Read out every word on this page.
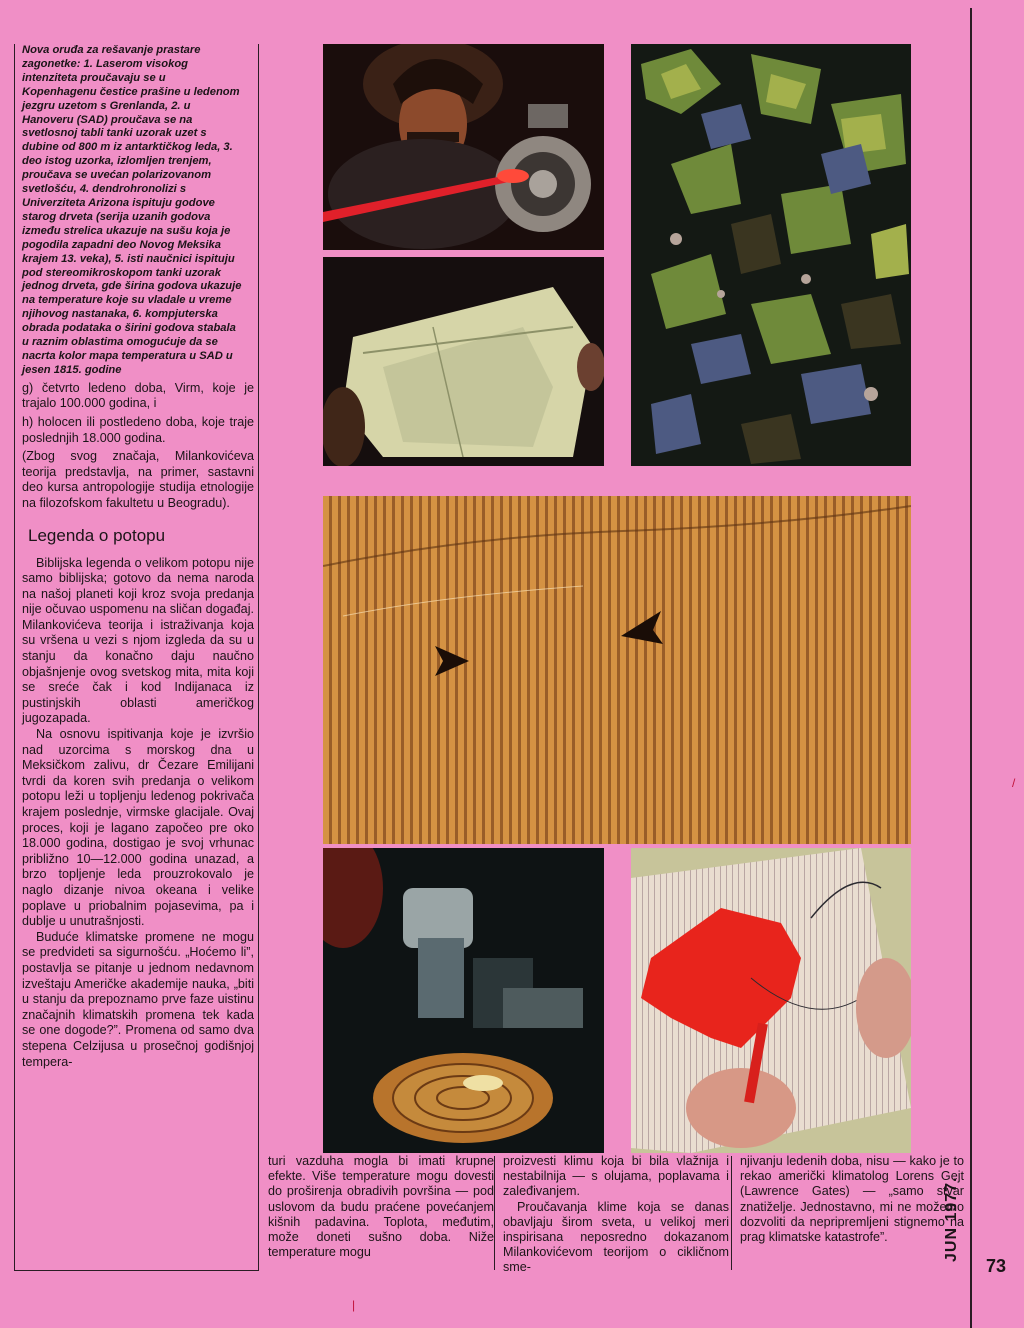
Nova oruđa za rešavanje prastare zagonetke: 1. Laserom visokog intenziteta proučavaju se u Kopenhagenu čestice prašine u ledenom jezgru uzetom s Grenlanda, 2. u Hanoveru (SAD) proučava se na svetlosnoj tabli tanki uzorak uzet s dubine od 800 m iz antarktičkog leda, 3. deo istog uzorka, izlomljen trenjem, proučava se uvećan polarizovanom svetlošću, 4. dendrohronolizi s Univerziteta Arizona ispituju godove starog drveta (serija uzanih godova između strelica ukazuje na sušu koja je pogodila zapadni deo Novog Meksika krajem 13. veka), 5. isti naučnici ispituju pod stereomikroskopom tanki uzorak jednog drveta, gde širina godova ukazuje na temperature koje su vladale u vreme njihovog nastanaka, 6. kompjuterska obrada podataka o širini godova stabala u raznim oblastima omogućuje da se nacrta kolor mapa temperatura u SAD u jesen 1815. godine
g) četvrto ledeno doba, Virm, koje je trajalo 100.000 godina, i
h) holocen ili postledeno doba, koje traje poslednjih 18.000 godina.
(Zbog svog značaja, Milankovićeva teorija predstavlja, na primer, sastavni deo kursa antropologije studija etnologije na filozofskom fakultetu u Beogradu).
Legenda o potopu

Biblijska legenda o velikom potopu nije samo biblijska; gotovo da nema naroda na našoj planeti koji kroz svoja predanja nije očuvao uspomenu na sličan događaj. Milankovićeva teorija i istraživanja koja su vršena u vezi s njom izgleda da su u stanju da konačno daju naučno objašnjenje ovog svetskog mita, mita koji se sreće čak i kod Indijanaca iz pustinjskih oblasti američkog jugozapada.

Na osnovu ispitivanja koje je izvršio nad uzorcima s morskog dna u Meksičkom zalivu, dr Čezare Emilijani tvrdi da koren svih predanja o velikom potopu leži u topljenju ledenog pokrivača krajem poslednje, virmske glacijale. Ovaj proces, koji je lagano započeo pre oko 18.000 godina, dostigao je svoj vrhunac približno 10—12.000 godina unazad, a brzo topljenje leda prouzrokovalo je naglo dizanje nivoa okeana i velike poplave u priobalnim pojasevima, pa i dublje u unutrašnjosti.

Buduće klimatske promene ne mogu se predvideti sa sigurnošću. „Hoćemo li”, postavlja se pitanje u jednom nedavnom izveštaju Američke akademije nauka, „biti u stanju da prepoznamo prve faze uistinu značajnih klimatskih promena tek kada se one dogode?”. Promena od samo dva stepena Celzijusa u prosečnoj godišnjoj tempera-

turi vazduha mogla bi imati krupne efekte. Više temperature mogu dovesti do proširenja obradivih površina — pod uslovom da budu praćene povećanjem kišnih padavina. Toplota, međutim, može doneti sušno doba. Niže temperature mogu
proizvesti klimu koja bi bila vlažnija i nestabilnija — s olujama, poplavama i zaleđivanjem.
Proučavanja klime koja se danas obavljaju širom sveta, u velikoj meri inspirisana neposredno dokazanom Milankovićevom teorijom o cikličnom sme-
njivanju ledenih doba, nisu — kako je to rekao američki klimatolog Lorens Gejt (Lawrence Gates) — „samo stvar znatiželje. Jednostavno, mi ne možemo dozvoliti da nepripremljeni stignemo na prag klimatske katastrofe”.	JUN 1977.
73
|
/
